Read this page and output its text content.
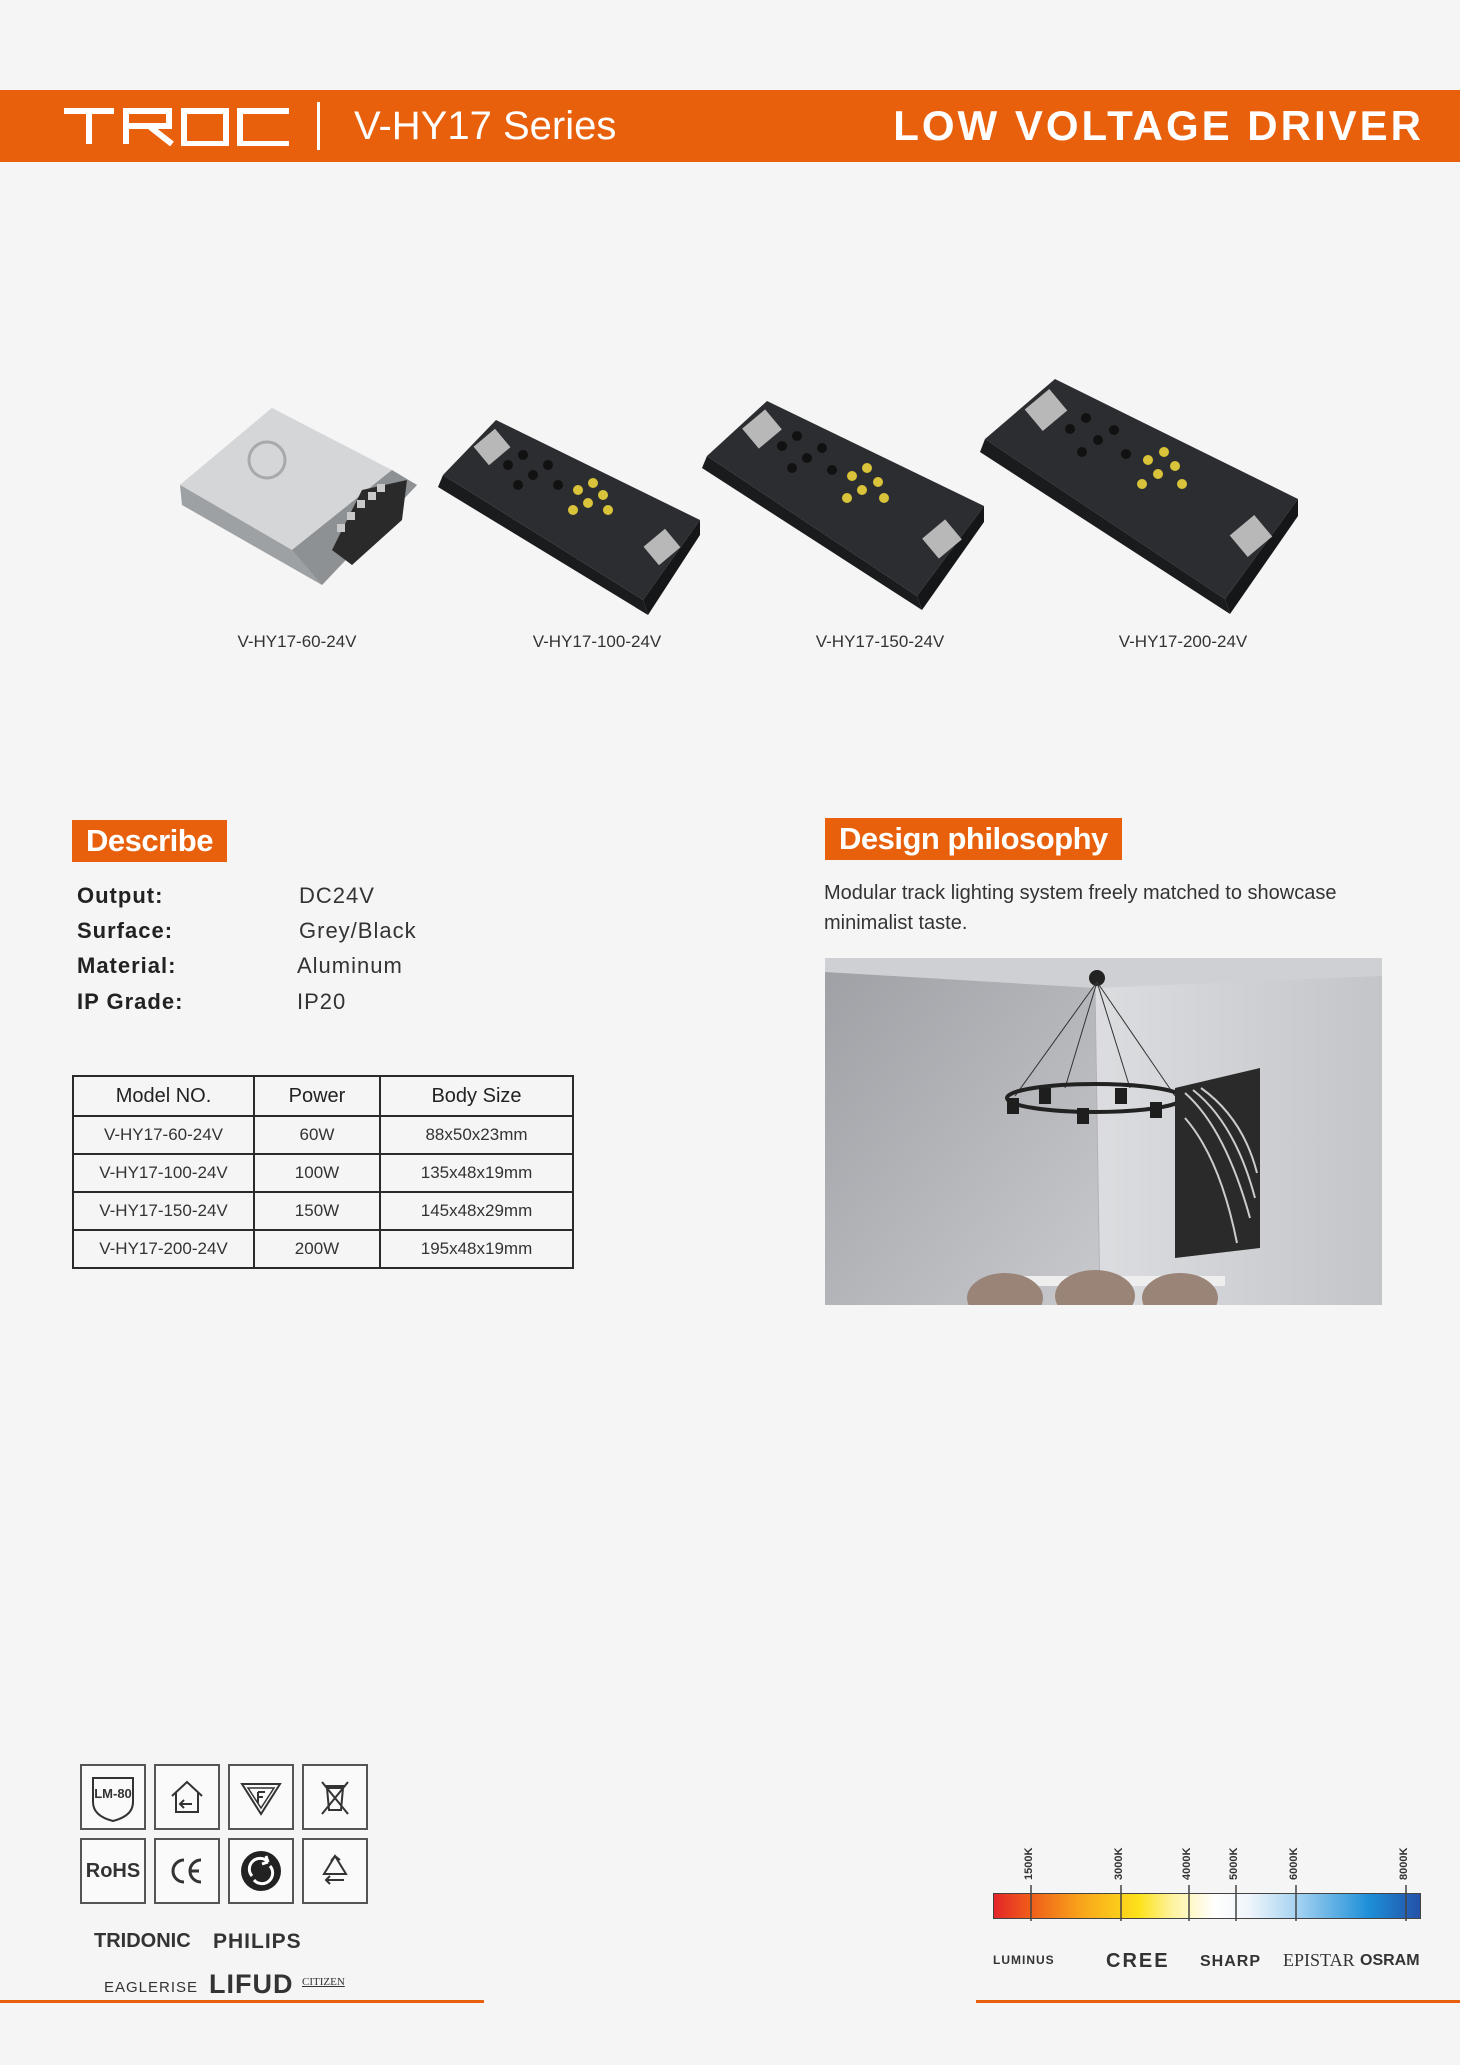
V-HY17 Series	LOW VOLTAGE DRIVER
V-HY17-60-24V	V-HY17-100-24V	V-HY17-150-24V	V-HY17-200-24V
Describe
Output:	DC24V
Surface:	Grey/Black
Material:	Aluminum
IP Grade:	IP20
Model NO.	Power	Body Size
V-HY17-60-24V	60W	88x50x23mm
V-HY17-100-24V	100W	135x48x19mm
V-HY17-150-24V	150W	145x48x29mm
V-HY17-200-24V	200W	195x48x19mm
Design philosophy
Modular track lighting system freely matched to showcase minimalist taste.
LM-80
RoHS
TRIDONIC PHILIPS
EAGLERISE LIFUD CITIZEN
1500K	3000K	4000K	5000K	6000K	8000K
LUMINUS	CREE SHARP EPISTAR OSRAM
